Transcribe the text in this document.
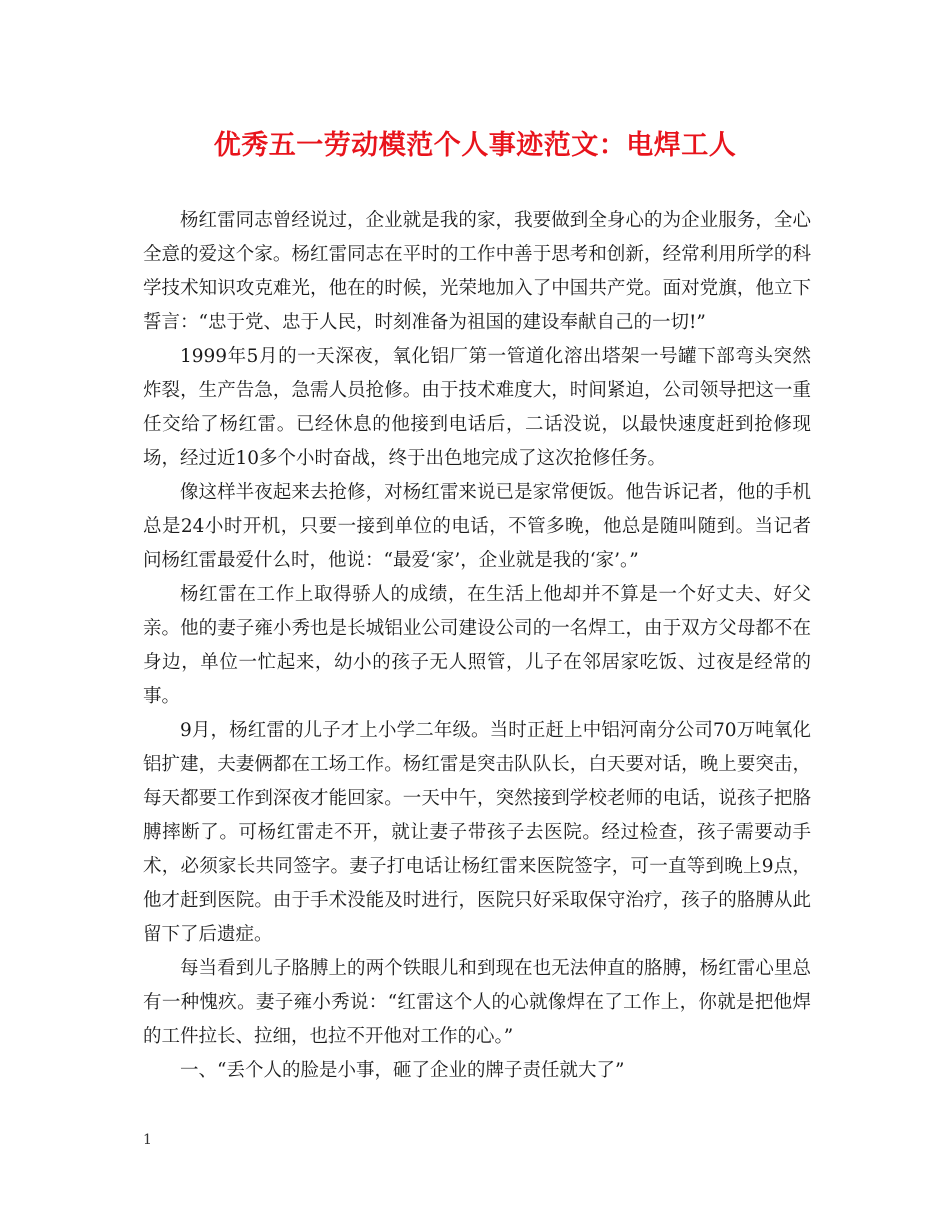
优秀五一劳动模范个人事迹范文：电焊工人

杨红雷同志曾经说过，企业就是我的家，我要做到全身心的为企业服务，全心全意的爱这个家。杨红雷同志在平时的工作中善于思考和创新，经常利用所学的科学技术知识攻克难光，他在的时候，光荣地加入了中国共产党。面对党旗，他立下誓言：“忠于党、忠于人民，时刻准备为祖国的建设奉献自己的一切!”

1999年5月的一天深夜，氧化铝厂第一管道化溶出塔架一号罐下部弯头突然炸裂，生产告急，急需人员抢修。由于技术难度大，时间紧迫，公司领导把这一重任交给了杨红雷。已经休息的他接到电话后，二话没说，以最快速度赶到抢修现场，经过近10多个小时奋战，终于出色地完成了这次抢修任务。

像这样半夜起来去抢修，对杨红雷来说已是家常便饭。他告诉记者，他的手机总是24小时开机，只要一接到单位的电话，不管多晚，他总是随叫随到。当记者问杨红雷最爱什么时，他说：“最爱‘家’，企业就是我的‘家’。”

杨红雷在工作上取得骄人的成绩，在生活上他却并不算是一个好丈夫、好父亲。他的妻子雍小秀也是长城铝业公司建设公司的一名焊工，由于双方父母都不在身边，单位一忙起来，幼小的孩子无人照管，儿子在邻居家吃饭、过夜是经常的事。

9月，杨红雷的儿子才上小学二年级。当时正赶上中铝河南分公司70万吨氧化铝扩建，夫妻俩都在工场工作。杨红雷是突击队队长，白天要对话，晚上要突击，每天都要工作到深夜才能回家。一天中午，突然接到学校老师的电话，说孩子把胳膊摔断了。可杨红雷走不开，就让妻子带孩子去医院。经过检查，孩子需要动手术，必须家长共同签字。妻子打电话让杨红雷来医院签字，可一直等到晚上9点，他才赶到医院。由于手术没能及时进行，医院只好采取保守治疗，孩子的胳膊从此留下了后遗症。

每当看到儿子胳膊上的两个铁眼儿和到现在也无法伸直的胳膊，杨红雷心里总有一种愧疚。妻子雍小秀说：“红雷这个人的心就像焊在了工作上，你就是把他焊的工件拉长、拉细，也拉不开他对工作的心。”

一、“丢个人的脸是小事，砸了企业的牌子责任就大了”

1
